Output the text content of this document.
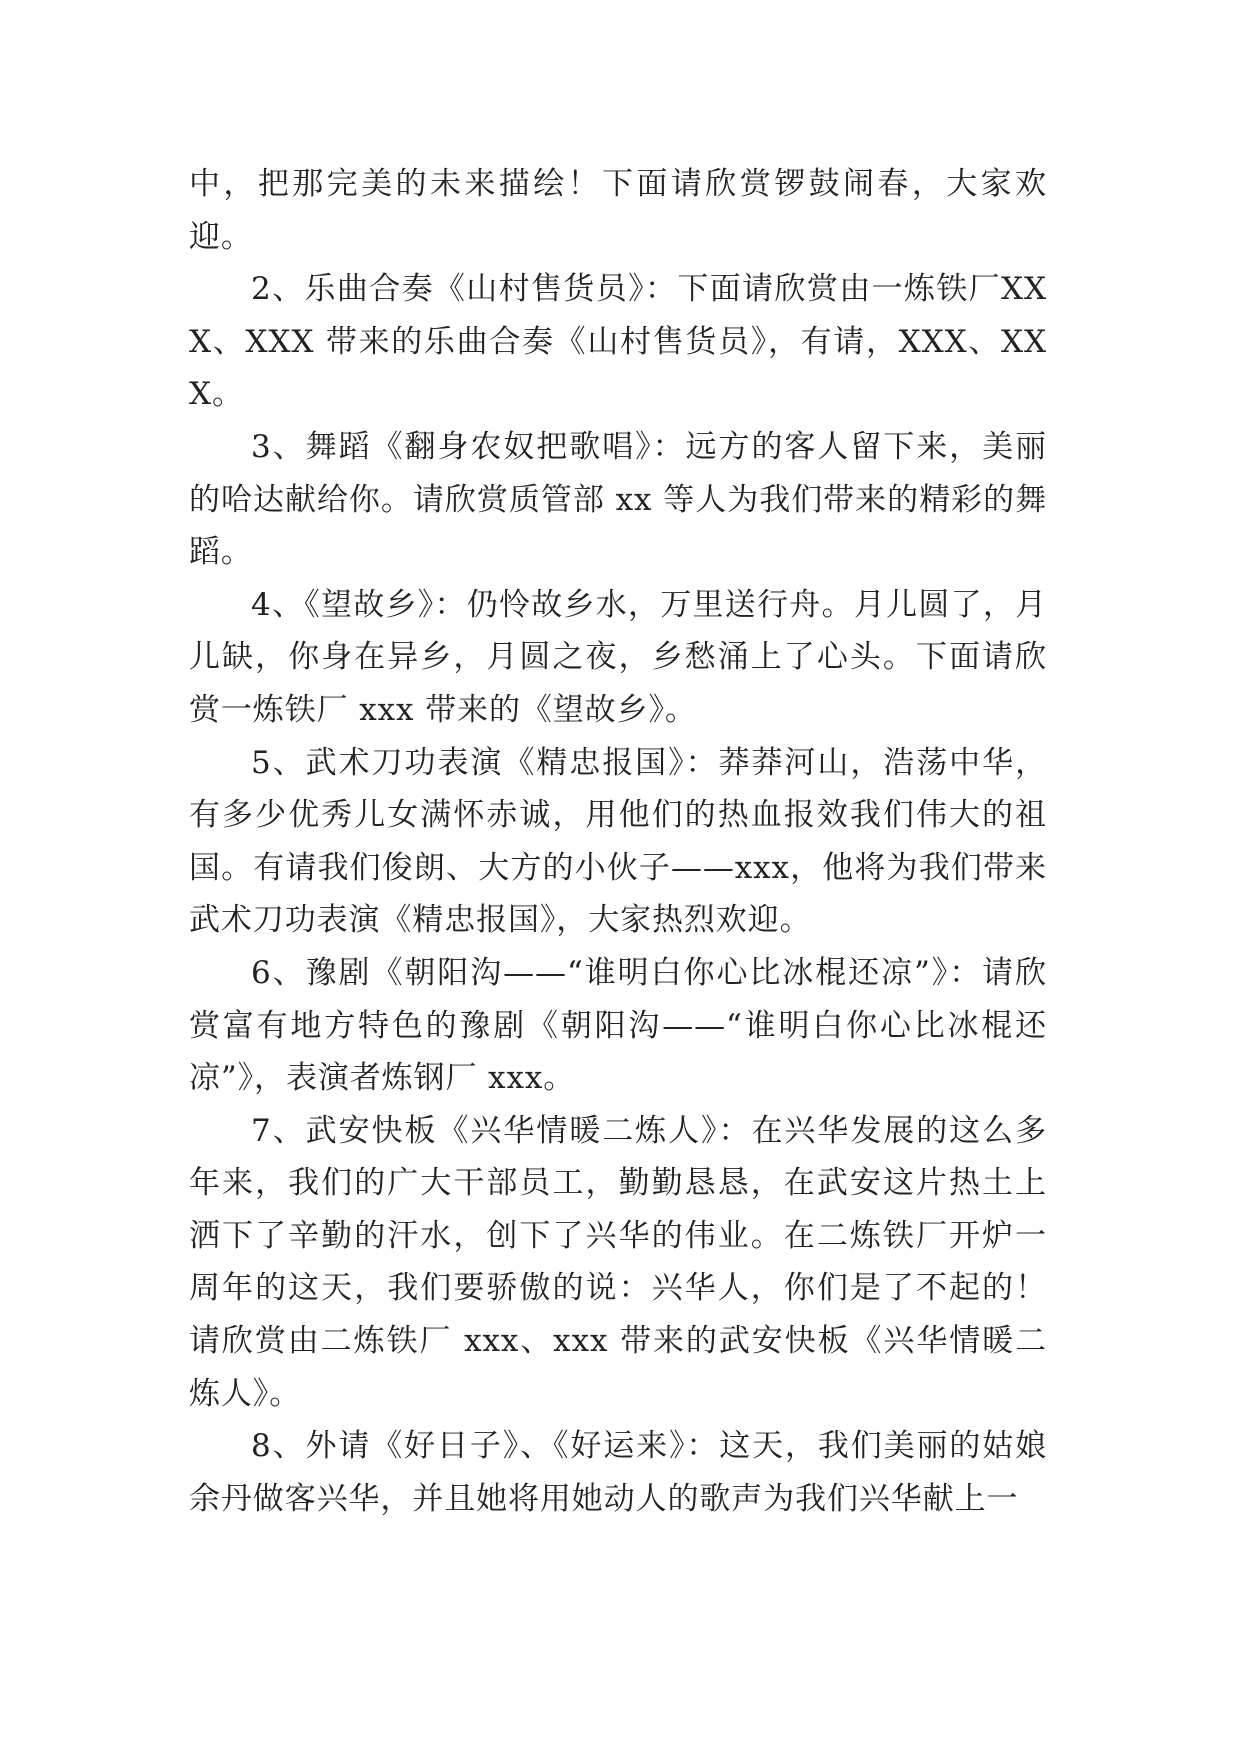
中，把那完美的未来描绘！下面请欣赏锣鼓闹春，大家欢迎。

2、乐曲合奏《山村售货员》：下面请欣赏由一炼铁厂XXX、XXX 带来的乐曲合奏《山村售货员》，有请，XXX、XXX。

3、舞蹈《翻身农奴把歌唱》：远方的客人留下来，美丽的哈达献给你。请欣赏质管部 xx 等人为我们带来的精彩的舞蹈。

4、《望故乡》：仍怜故乡水，万里送行舟。月儿圆了，月儿缺，你身在异乡，月圆之夜，乡愁涌上了心头。下面请欣赏一炼铁厂 xxx 带来的《望故乡》。

5、武术刀功表演《精忠报国》：莽莽河山，浩荡中华，有多少优秀儿女满怀赤诚，用他们的热血报效我们伟大的祖国。有请我们俊朗、大方的小伙子——xxx，他将为我们带来武术刀功表演《精忠报国》，大家热烈欢迎。

6、豫剧《朝阳沟——“谁明白你心比冰棍还凉”》：请欣赏富有地方特色的豫剧《朝阳沟——“谁明白你心比冰棍还凉”》，表演者炼钢厂 xxx。

7、武安快板《兴华情暖二炼人》：在兴华发展的这么多年来，我们的广大干部员工，勤勤恳恳，在武安这片热土上洒下了辛勤的汗水，创下了兴华的伟业。在二炼铁厂开炉一周年的这天，我们要骄傲的说：兴华人，你们是了不起的！请欣赏由二炼铁厂 xxx、xxx 带来的武安快板《兴华情暖二炼人》。

8、外请《好日子》、《好运来》：这天，我们美丽的姑娘余丹做客兴华，并且她将用她动人的歌声为我们兴华献上一
